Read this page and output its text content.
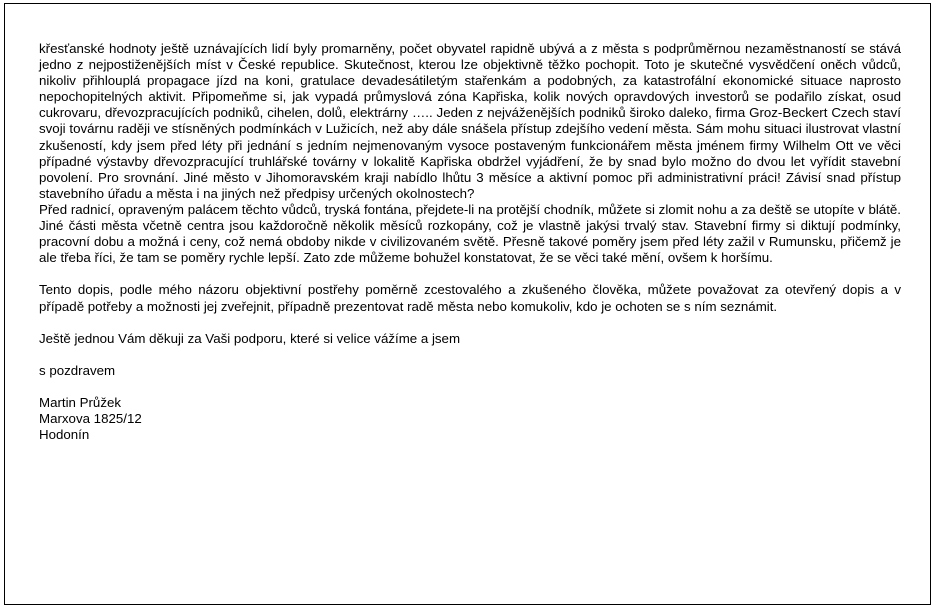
křesťanské hodnoty ještě uznávajících lidí byly promarněny, počet obyvatel rapidně ubývá a z města s podprůměrnou nezaměstnaností se stává jedno z nejpostiženějších míst v České republice. Skutečnost, kterou lze objektivně těžko pochopit. Toto je skutečné vysvědčení oněch vůdců, nikoliv přihlouplá propagace jízd na koni, gratulace devadesátiletým stařenkám a podobných, za katastrofální ekonomické situace naprosto nepochopitelných aktivit. Připomeňme si, jak vypadá průmyslová zóna Kapřiska, kolik nových opravdových investorů se podařilo získat, osud cukrovaru, dřevozpracujících podniků, cihelen, dolů, elektrárny ….. Jeden z nejváženějších podniků široko daleko, firma Groz-Beckert Czech staví svoji továrnu raději ve stísněných podmínkách v Lužicích, než aby dále snášela přístup zdejšího vedení města. Sám mohu situaci ilustrovat vlastní zkušeností, kdy jsem před léty při jednání s jedním nejmenovaným vysoce postaveným funkcionářem města jménem firmy Wilhelm Ott ve věci případné výstavby dřevozpracující truhlářské továrny v lokalitě Kapřiska obdržel vyjádření, že by snad bylo možno do dvou let vyřídit stavební povolení. Pro srovnání. Jiné město v Jihomoravském kraji nabídlo lhůtu 3 měsíce a aktivní pomoc při administrativní práci! Závisí snad přístup stavebního úřadu a města i na jiných než předpisy určených okolnostech?

Před radnicí, opraveným palácem těchto vůdců, tryská fontána, přejdete-li na protější chodník, můžete si zlomit nohu a za deště se utopíte v blátě. Jiné části města včetně centra jsou každoročně několik měsíců rozkopány, což je vlastně jakýsi trvalý stav. Stavební firmy si diktují podmínky, pracovní dobu a možná i ceny, což nemá obdoby nikde v civilizovaném světě. Přesně takové poměry jsem před léty zažil v Rumunsku, přičemž je ale třeba říci, že tam se poměry rychle lepší. Zato zde můžeme bohužel konstatovat, že se věci také mění, ovšem k horšímu.

Tento dopis, podle mého názoru objektivní postřehy poměrně zcestovalého a zkušeného člověka, můžete považovat za otevřený dopis a v případě potřeby a možnosti jej zveřejnit, případně prezentovat radě města nebo komukoliv, kdo je ochoten se s ním seznámit.

Ještě jednou Vám děkuji za Vaši podporu, které si velice vážíme a jsem

s pozdravem

Martin Průžek

Marxova 1825/12

Hodonín
